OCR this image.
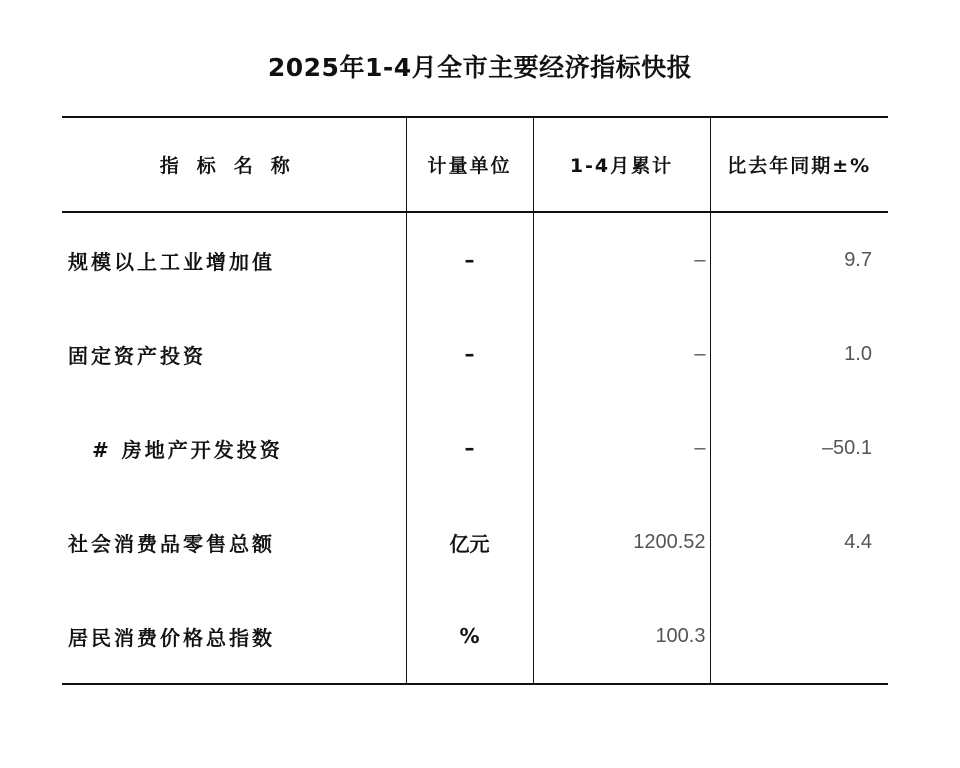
2025年1-4月全市主要经济指标快报
指标名称	计量单位	1-4月累计	比去年同期±%
规模以上工业增加值	–	–	9.7
固定资产投资	–	–	1.0
# 房地产开发投资	–	–	–50.1
社会消费品零售总额	亿元	1200.52	4.4
居民消费价格总指数	%	100.3	
